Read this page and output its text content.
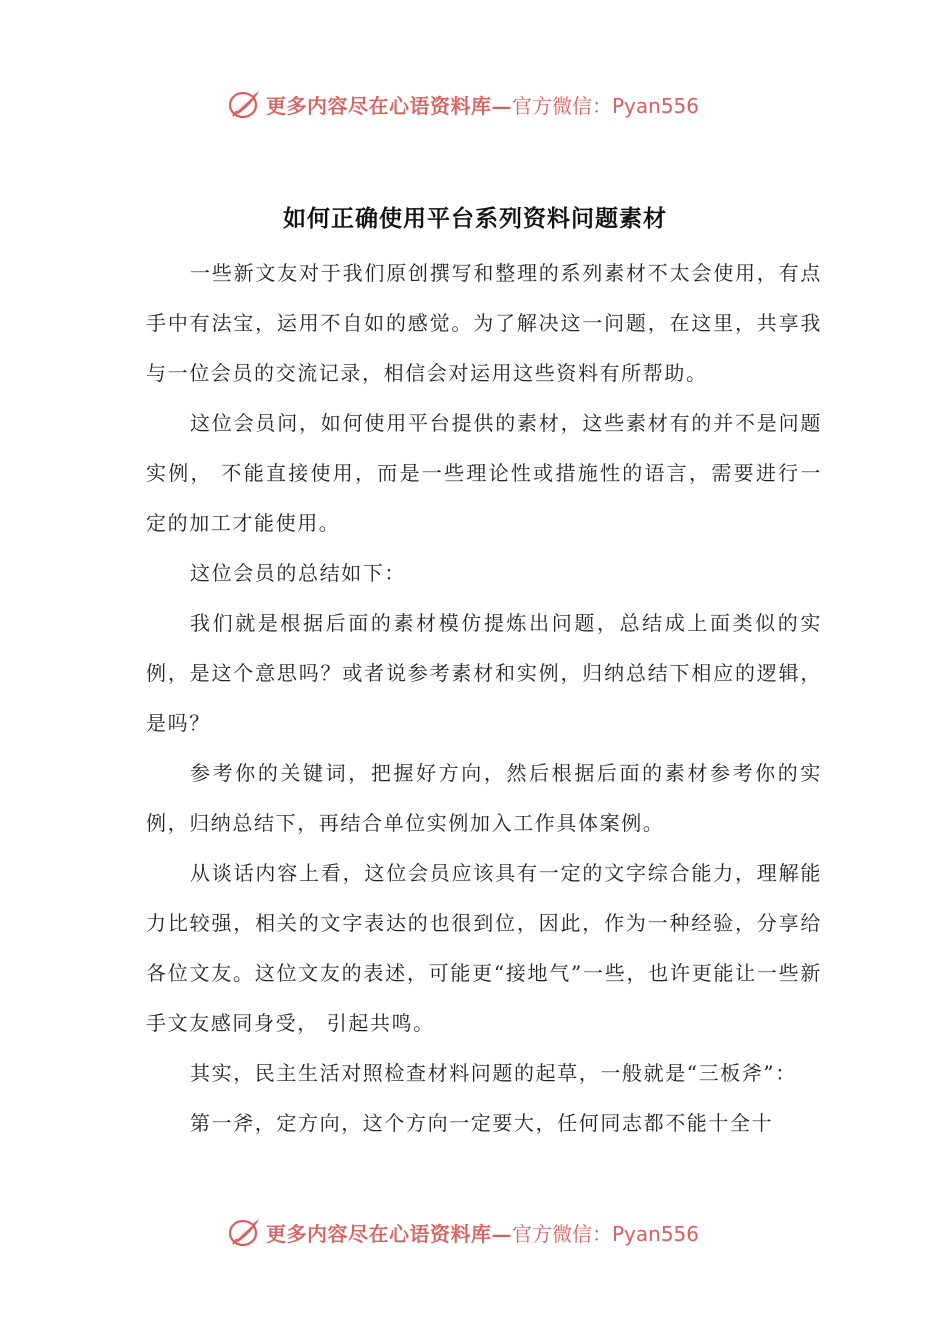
更多内容尽在心语资料库— 官方微信：Pyan556
如何正确使用平台系列资料问题素材

一些新文友对于我们原创撰写和整理的系列素材不太会使用，有点手中有法宝，运用不自如的感觉。为了解决这一问题，在这里，共享我与一位会员的交流记录，相信会对运用这些资料有所帮助。

这位会员问，如何使用平台提供的素材，这些素材有的并不是问题实例， 不能直接使用，而是一些理论性或措施性的语言，需要进行一定的加工才能使用。

这位会员的总结如下：

我们就是根据后面的素材模仿提炼出问题，总结成上面类似的实例，是这个意思吗？或者说参考素材和实例，归纳总结下相应的逻辑，是吗？

参考你的关键词，把握好方向，然后根据后面的素材参考你的实例，归纳总结下，再结合单位实例加入工作具体案例。

从谈话内容上看，这位会员应该具有一定的文字综合能力，理解能力比较强，相关的文字表达的也很到位，因此，作为一种经验，分享给各位文友。这位文友的表述，可能更“接地气”一些，也许更能让一些新手文友感同身受， 引起共鸣。

其实，民主生活对照检查材料问题的起草，一般就是“三板斧”：

第一斧，定方向，这个方向一定要大，任何同志都不能十全十

更多内容尽在心语资料库— 官方微信：Pyan556
